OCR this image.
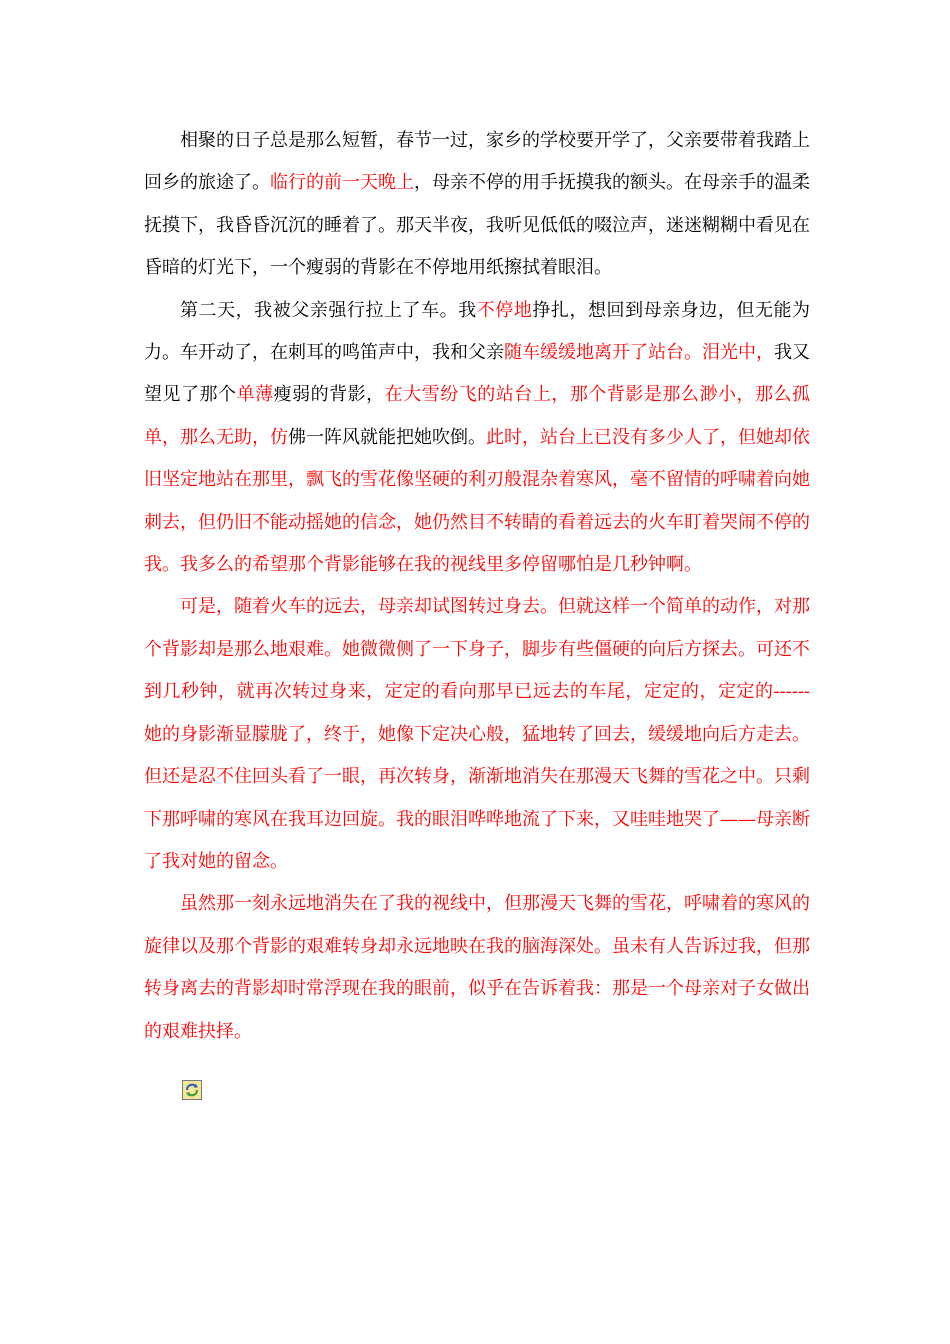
相聚的日子总是那么短暂，春节一过，家乡的学校要开学了，父亲要带着我踏上回乡的旅途了。临行的前一天晚上，母亲不停的用手抚摸我的额头。在母亲手的温柔抚摸下，我昏昏沉沉的睡着了。那天半夜，我听见低低的啜泣声，迷迷糊糊中看见在昏暗的灯光下，一个瘦弱的背影在不停地用纸擦拭着眼泪。

第二天，我被父亲强行拉上了车。我不停地挣扎，想回到母亲身边，但无能为力。车开动了，在刺耳的鸣笛声中，我和父亲随车缓缓地离开了站台。泪光中，我又望见了那个单薄瘦弱的背影，在大雪纷飞的站台上，那个背影是那么渺小，那么孤单，那么无助，仿佛一阵风就能把她吹倒。此时，站台上已没有多少人了，但她却依旧坚定地站在那里，飘飞的雪花像坚硬的利刃般混杂着寒风，毫不留情的呼啸着向她刺去，但仍旧不能动摇她的信念，她仍然目不转睛的看着远去的火车盯着哭闹不停的我。我多么的希望那个背影能够在我的视线里多停留哪怕是几秒钟啊。

可是，随着火车的远去，母亲却试图转过身去。但就这样一个简单的动作，对那个背影却是那么地艰难。她微微侧了一下身子，脚步有些僵硬的向后方探去。可还不到几秒钟，就再次转过身来，定定的看向那早已远去的车尾，定定的，定定的------她的身影渐显朦胧了，终于，她像下定决心般，猛地转了回去，缓缓地向后方走去。但还是忍不住回头看了一眼，再次转身，渐渐地消失在那漫天飞舞的雪花之中。只剩下那呼啸的寒风在我耳边回旋。我的眼泪哗哗地流了下来，又哇哇地哭了——母亲断了我对她的留念。

虽然那一刻永远地消失在了我的视线中，但那漫天飞舞的雪花，呼啸着的寒风的旋律以及那个背影的艰难转身却永远地映在我的脑海深处。虽未有人告诉过我，但那转身离去的背影却时常浮现在我的眼前，似乎在告诉着我：那是一个母亲对子女做出的艰难抉择。
